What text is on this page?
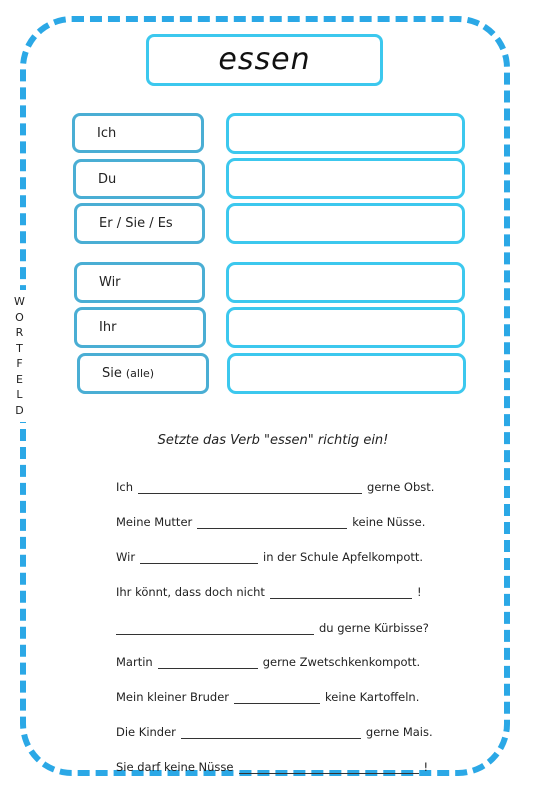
W
O
R
T
F
E
L
D
essen
Ich
Du
Er / Sie / Es
Wir
Ihr
Sie (alle)
Setzte das Verb "essen" richtig ein!
Ich	gerne Obst.
Meine Mutter	keine Nüsse.
Wir	in der Schule Apfelkompott.
Ihr könnt, dass doch nicht	!
du gerne Kürbisse?
Martin	gerne Zwetschkenkompott.
Mein kleiner Bruder	keine Kartoffeln.
Die Kinder	gerne Mais.
Sie darf keine Nüsse	!
